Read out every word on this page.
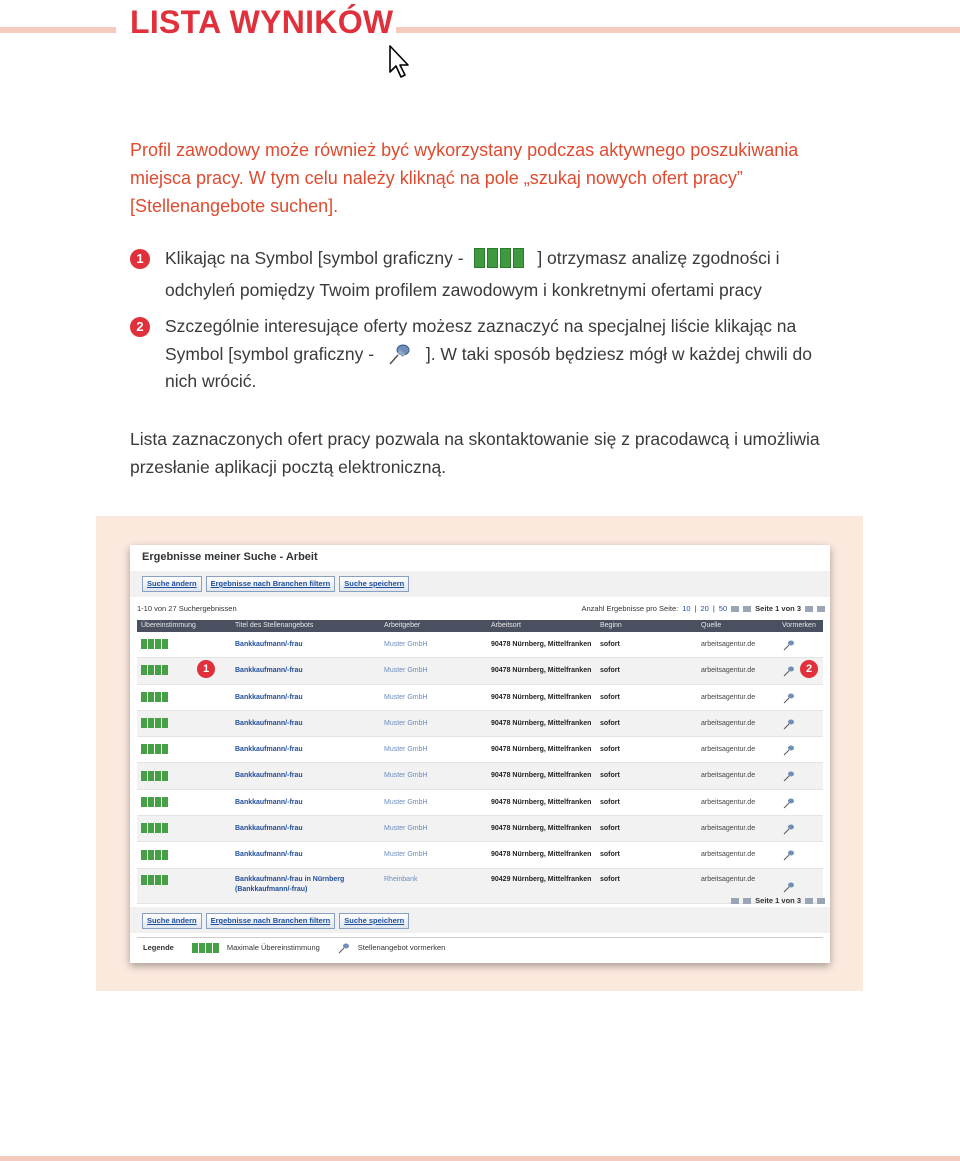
LISTA WYNIKÓW

Profil zawodowy może również być wykorzystany podczas aktywnego poszukiwania miejsca pracy. W tym celu należy kliknąć na pole „szukaj nowych ofert pracy” [Stellenangebote suchen].

1	Klikając na Symbol [symbol graficzny -	] otrzymasz analizę zgodności i odchyleń pomiędzy Twoim profilem zawodowym i konkretnymi ofertami pracy
2	Szczególnie interesujące oferty możesz zaznaczyć na specjalnej liście klikając na Symbol [symbol graficzny -	]. W taki sposób będziesz mógł w każdej chwili do nich wrócić.

Lista zaznaczonych ofert pracy pozwala na skontaktowanie się z pracodawcą i umożliwia przesłanie aplikacji pocztą elektroniczną.

Ergebnisse meiner Suche - Arbeit
Suche ändern	Ergebnisse nach Branchen filtern	Suche speichern
1-10 von 27 Suchergebnissen	Anzahl Ergebnisse pro Seite: 10 | 20 | 50	Seite 1 von 3
Übereinstimmung	Titel des Stellenangebots	Arbeitgeber	Arbeitsort	Beginn	Quelle	Vormerken
Bankkaufmann/-frau	Muster GmbH	90478 Nürnberg, Mittelfranken sofort	arbeitsagentur.de
Bankkaufmann/-frau	Muster GmbH	90478 Nürnberg, Mittelfranken sofort	arbeitsagentur.de
Bankkaufmann/-frau	Muster GmbH	90478 Nürnberg, Mittelfranken sofort	arbeitsagentur.de
Bankkaufmann/-frau	Muster GmbH	90478 Nürnberg, Mittelfranken sofort	arbeitsagentur.de
Bankkaufmann/-frau	Muster GmbH	90478 Nürnberg, Mittelfranken sofort	arbeitsagentur.de
Bankkaufmann/-frau	Muster GmbH	90478 Nürnberg, Mittelfranken sofort	arbeitsagentur.de
Bankkaufmann/-frau	Muster GmbH	90478 Nürnberg, Mittelfranken sofort	arbeitsagentur.de
Bankkaufmann/-frau	Muster GmbH	90478 Nürnberg, Mittelfranken sofort	arbeitsagentur.de
Bankkaufmann/-frau	Muster GmbH	90478 Nürnberg, Mittelfranken sofort	arbeitsagentur.de
Bankkaufmann/-frau in Nürnberg
(Bankkaufmann/-frau)
Rheinbank	90429 Nürnberg, Mittelfranken sofort	arbeitsagentur.de
1	2
Seite 1 von 3
Suche ändern	Ergebnisse nach Branchen filtern	Suche speichern
Legende	Maximale Übereinstimmung	Stellenangebot vormerken
